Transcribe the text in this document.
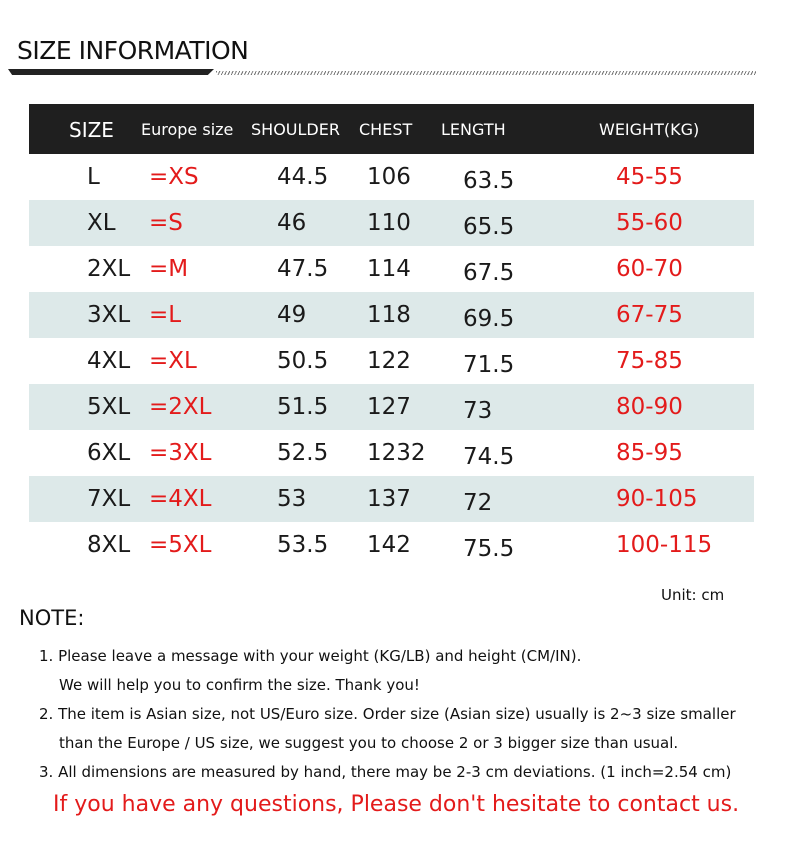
SIZE INFORMATION
SIZE Europe size SHOULDER CHEST LENGTH	WEIGHT(KG)
L =XS	44.5 106 63.5	45-55
XL =S	46	110 65.5	55-60
2XL =M	47.5 114 67.5	60-70
3XL =L	49	118 69.5	67-75
4XL =XL	50.5 122 71.5	75-85
5XL =2XL	51.5 127 73	80-90
6XL =3XL	52.5 1232 74.5	85-95
7XL =4XL	53	137 72	90-105
8XL =5XL	53.5 142 75.5	100-115
Unit: cm
NOTE:
1. Please leave a message with your weight (KG/LB) and height (CM/IN).
We will help you to confirm the size. Thank you!
2. The item is Asian size, not US/Euro size. Order size (Asian size) usually is 2~3 size smaller
than the Europe / US size, we suggest you to choose 2 or 3 bigger size than usual.
3. All dimensions are measured by hand, there may be 2-3 cm deviations. (1 inch=2.54 cm)
If you have any questions, Please don't hesitate to contact us.
